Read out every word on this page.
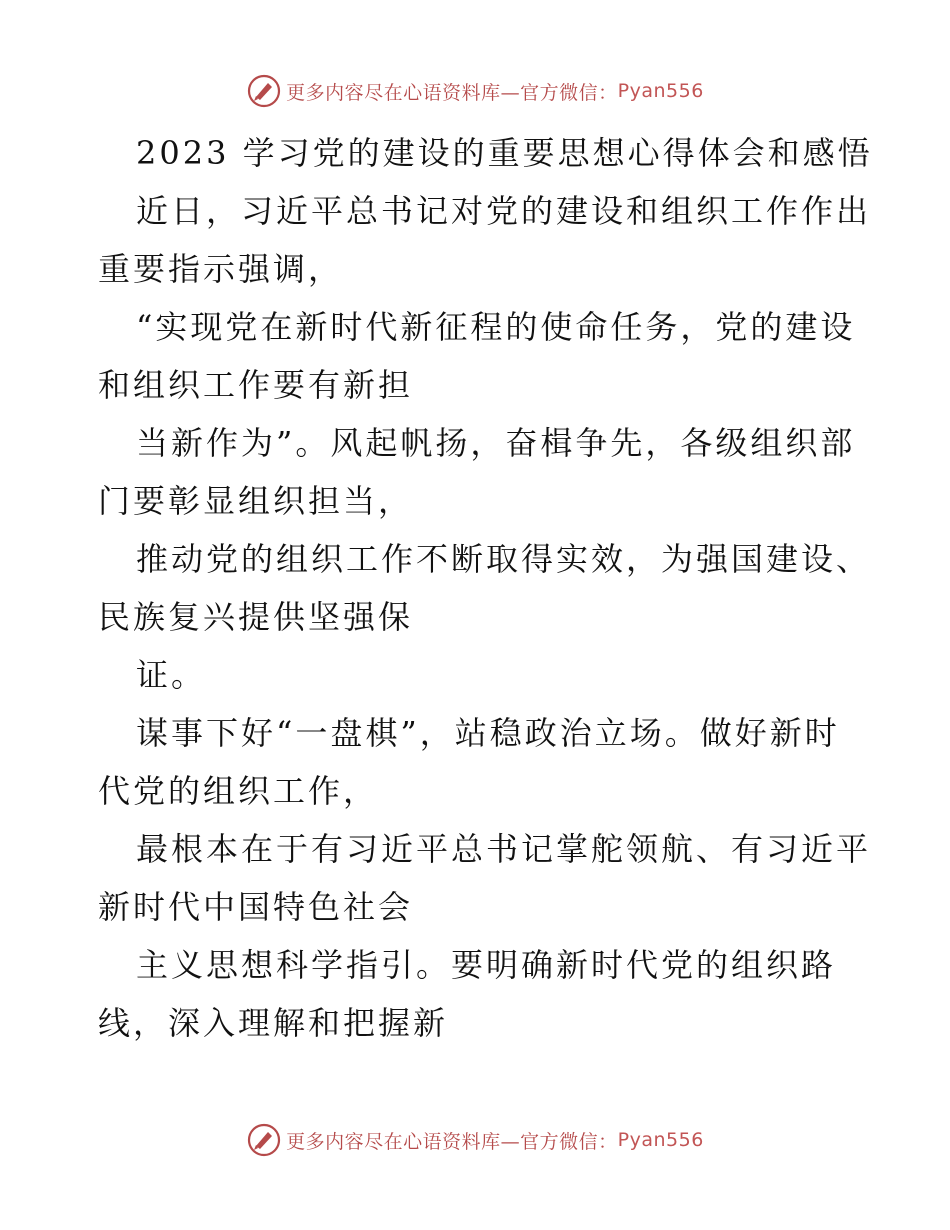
更多内容尽在心语资料库—官方微信： Pyan556
2023 学习党的建设的重要思想心得体会和感悟
近日，习近平总书记对党的建设和组织工作作出
重要指示强调，
“实现党在新时代新征程的使命任务，党的建设
和组织工作要有新担
当新作为”。风起帆扬，奋楫争先，各级组织部
门要彰显组织担当，
推动党的组织工作不断取得实效，为强国建设、
民族复兴提供坚强保
证。
谋事下好“一盘棋”，站稳政治立场。做好新时
代党的组织工作，
最根本在于有习近平总书记掌舵领航、有习近平
新时代中国特色社会
主义思想科学指引。要明确新时代党的组织路
线，深入理解和把握新
更多内容尽在心语资料库—官方微信： Pyan556
